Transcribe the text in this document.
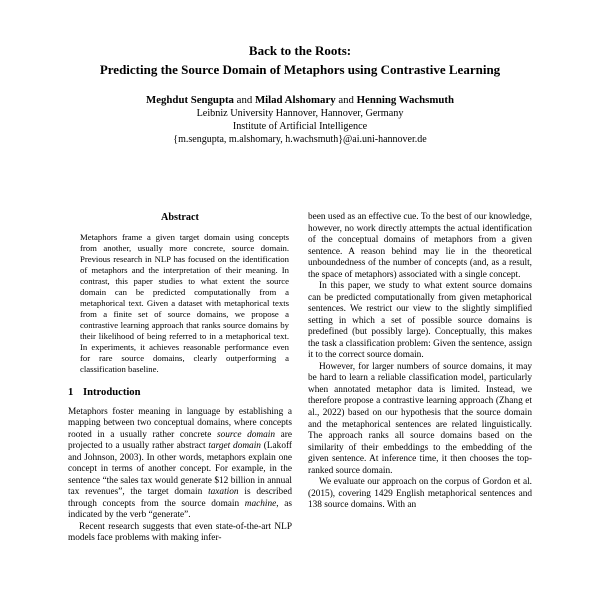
Back to the Roots:
Predicting the Source Domain of Metaphors using Contrastive Learning
Meghdut Sengupta and Milad Alshomary and Henning Wachsmuth
Leibniz University Hannover, Hannover, Germany
Institute of Artificial Intelligence
{m.sengupta, m.alshomary, h.wachsmuth}@ai.uni-hannover.de
Abstract
Metaphors frame a given target domain using concepts from another, usually more concrete, source domain. Previous research in NLP has focused on the identification of metaphors and the interpretation of their meaning. In contrast, this paper studies to what extent the source domain can be predicted computationally from a metaphorical text. Given a dataset with metaphorical texts from a finite set of source domains, we propose a contrastive learning approach that ranks source domains by their likelihood of being referred to in a metaphorical text. In experiments, it achieves reasonable performance even for rare source domains, clearly outperforming a classification baseline.
1 Introduction

Metaphors foster meaning in language by establishing a mapping between two conceptual domains, where concepts rooted in a usually rather concrete source domain are projected to a usually rather abstract target domain (Lakoff and Johnson, 2003). In other words, metaphors explain one concept in terms of another concept. For example, in the sentence “the sales tax would generate $12 billion in annual tax revenues”, the target domain taxation is described through concepts from the source domain machine, as indicated by the verb “generate”.

Recent research suggests that even state-of-the-art NLP models face problems with making infer-

been used as an effective cue. To the best of our knowledge, however, no work directly attempts the actual identification of the conceptual domains of metaphors from a given sentence. A reason behind may lie in the theoretical unboundedness of the number of concepts (and, as a result, the space of metaphors) associated with a single concept.

In this paper, we study to what extent source domains can be predicted computationally from given metaphorical sentences. We restrict our view to the slightly simplified setting in which a set of possible source domains is predefined (but possibly large). Conceptually, this makes the task a classification problem: Given the sentence, assign it to the correct source domain.

However, for larger numbers of source domains, it may be hard to learn a reliable classification model, particularly when annotated metaphor data is limited. Instead, we therefore propose a contrastive learning approach (Zhang et al., 2022) based on our hypothesis that the source domain and the metaphorical sentences are related linguistically. The approach ranks all source domains based on the similarity of their embeddings to the embedding of the given sentence. At inference time, it then chooses the top-ranked source domain.

We evaluate our approach on the corpus of Gordon et al. (2015), covering 1429 English metaphorical sentences and 138 source domains. With an
